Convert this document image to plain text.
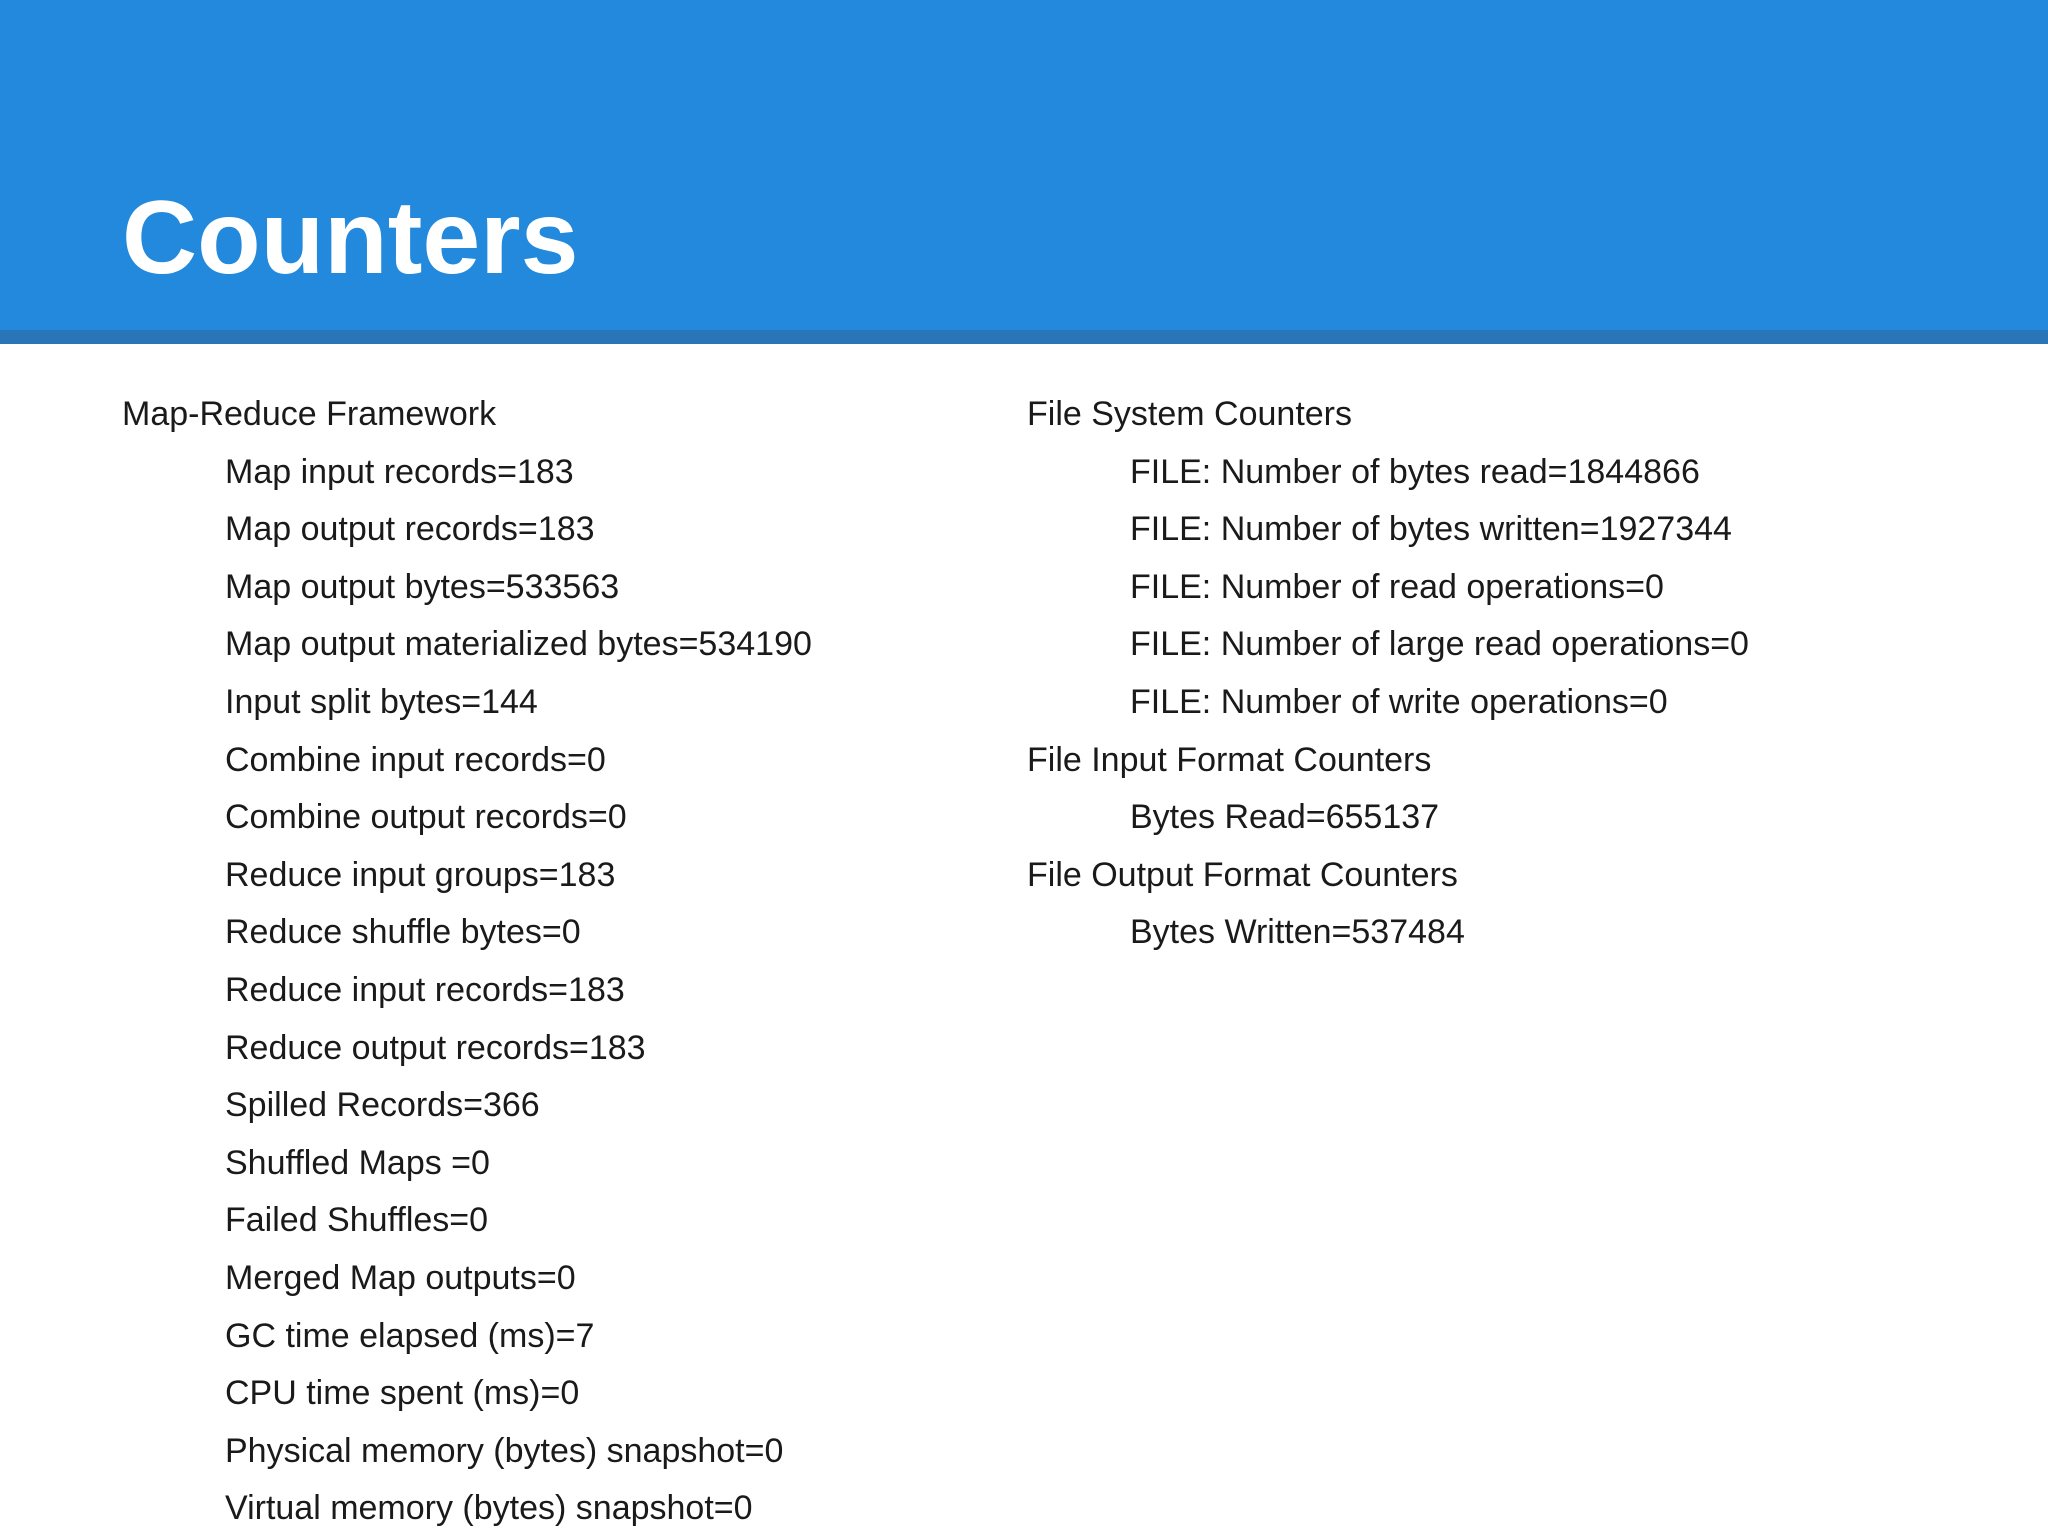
Counters
Map-Reduce Framework
Map input records=183
Map output records=183
Map output bytes=533563
Map output materialized bytes=534190
Input split bytes=144
Combine input records=0
Combine output records=0
Reduce input groups=183
Reduce shuffle bytes=0
Reduce input records=183
Reduce output records=183
Spilled Records=366
Shuffled Maps =0
Failed Shuffles=0
Merged Map outputs=0
GC time elapsed (ms)=7
CPU time spent (ms)=0
Physical memory (bytes) snapshot=0
Virtual memory (bytes) snapshot=0
File System Counters
FILE: Number of bytes read=1844866
FILE: Number of bytes written=1927344
FILE: Number of read operations=0
FILE: Number of large read operations=0
FILE: Number of write operations=0
File Input Format Counters
Bytes Read=655137
File Output Format Counters
Bytes Written=537484
